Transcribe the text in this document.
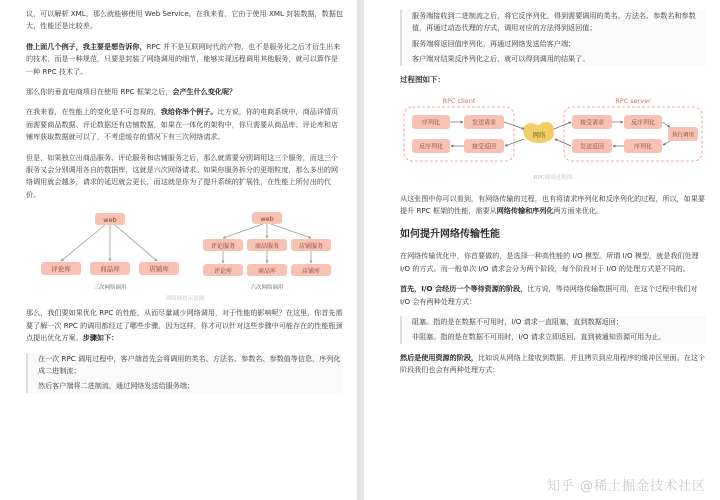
议，可以解析 XML，那么就能够使用 Web Service。在我来看，它由于使用 XML 封装数据，数据包大，性能还是比较差。

借上面几个例子，我主要是想告诉你，RPC 并不是互联网时代的产物，也不是服务化之后才衍生出来的技术，而是一种规范，只要是封装了网络调用的细节，能够实现远程调用其他服务，就可以算作是一种 RPC 技术了。

那么你的垂直电商项目在使用 RPC 框架之后，会产生什么变化呢？

在我来看，在性能上的变化是不可忽视的，我给你举个例子。比方说，你的电商系统中，商品详情页面需要商品数据、评论数据还有店铺数据，如果在一体化的架构中，你只需要从商品库、评论库和店铺库获取数据就可以了，不考虑缓存的情况下有三次网络请求。

但是，如果独立出商品服务、评论服务和店铺服务之后，那么就需要分别调用这三个服务，而这三个服务又会分别调用各自的数据库，这就是六次网络请求。如果你服务拆分的更细粒度，那么多出的网络调用就会越多，请求的延迟就会更长，而这就是你为了提升系统的扩展性，在性能上所付出的代价。

web
评论库	商品库	店铺库
三次网络调用
web
评论服务	商品服务	店铺服务
评论库	商品库	店铺库
六次网络调用
网络调用示意图

那么，我们要如果优化 RPC 的性能，从而尽量减少网络调用，对于性能的影响呢？在这里，你首先需要了解一次 RPC 的调用都经过了哪些步骤，因为这样，你才可以针对这些步骤中可能存在的性能瓶颈点提出优化方案。步骤如下：

在一次 RPC 调用过程中，客户端首先会将调用的类名、方法名、参数名、参数值等信息，序列化成二进制流；

然后客户端将二进制流，通过网络发送给服务端；

服务端接收到二进制流之后，将它反序列化，得到需要调用的类名、方法名、参数名和参数值，再通过动态代理的方式，调用对应的方法得到返回值；

服务端将返回值序列化，再通过网络发送给客户端；

客户端对结果反序列化之后，就可以得到调用的结果了。

过程图如下：
RPC client	RPC server
序列化	发送请求
反序列化	接受返回
网络
接受请求	反序列化
序列化
发送返回
执行调用
RPC调用过程图

从这张图中你可以看到，有网络传输的过程，也有将请求序列化和反序列化的过程，所以，如果要提升 RPC 框架的性能，需要从网络传输和序列化两方面来优化。

如何提升网络传输性能

在网络传输优化中，你首要做的，是选择一种高性能的 I/O 模型。所谓 I/O 模型，就是我们处理 I/O 的方式。而一般单次 I/O 请求会分为两个阶段，每个阶段对于 I/O 的处理方式是不同的。

首先，I/O 会经历一个等待资源的阶段，比方说，等待网络传输数据可用，在这个过程中我们对 I/O 会有两种处理方式：

阻塞。指的是在数据不可用时，I/O 请求一直阻塞，直到数据返回；

非阻塞。指的是在数据不可用时，I/O 请求立即返回，直到被通知资源可用为止。

然后是使用资源的阶段，比如说从网络上接收到数据，并且拷贝到应用程序的缓冲区里面。在这个阶段我们也会有两种处理方式：

知乎 @稀土掘金技术社区
